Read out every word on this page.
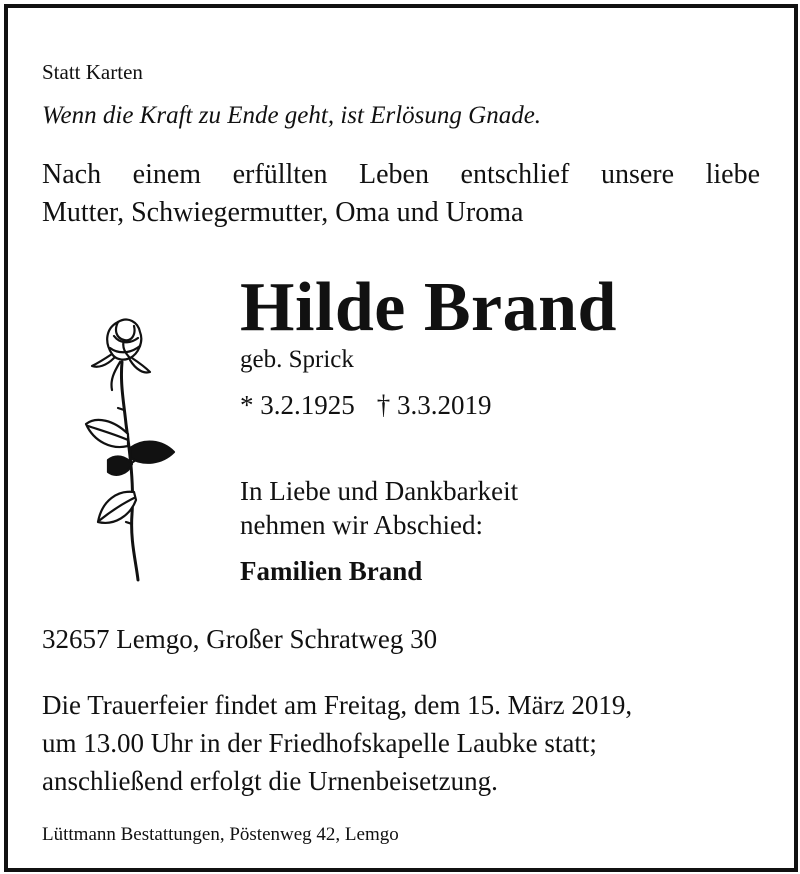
Statt Karten
Wenn die Kraft zu Ende geht, ist Erlösung Gnade.
Nach einem erfüllten Leben entschlief unsere liebe
Mutter, Schwiegermutter, Oma und Uroma
Hilde Brand
geb. Sprick
* 3.2.1925 † 3.3.2019
In Liebe und Dankbarkeit
nehmen wir Abschied:
Familien Brand
32657 Lemgo, Großer Schratweg 30
Die Trauerfeier findet am Freitag, dem 15. März 2019,
um 13.00 Uhr in der Friedhofskapelle Laubke statt;
anschließend erfolgt die Urnenbeisetzung.
Lüttmann Bestattungen, Pöstenweg 42, Lemgo
